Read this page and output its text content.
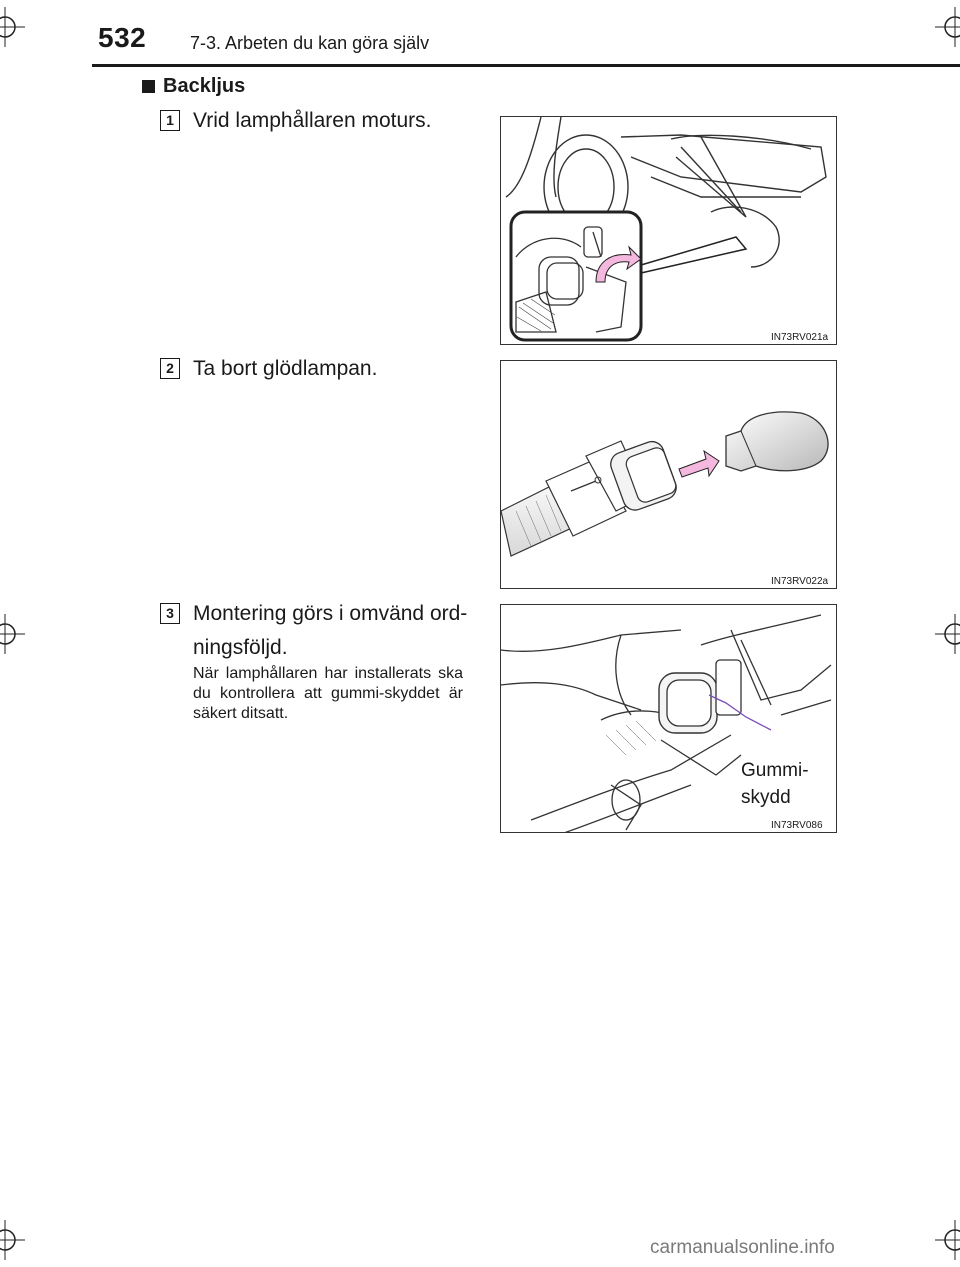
532 7-3. Arbeten du kan göra själv
Backljus
1 Vrid lamphållaren moturs.
2 Ta bort glödlampan.
3 Montering görs i omvänd ord-ningsföljd.
När lamphållaren har installerats ska du kontrollera att gummi-skyddet är säkert ditsatt.
IN73RV021a
IN73RV022a
IN73RV086
Gummi-skydd
carmanualsonline.info
